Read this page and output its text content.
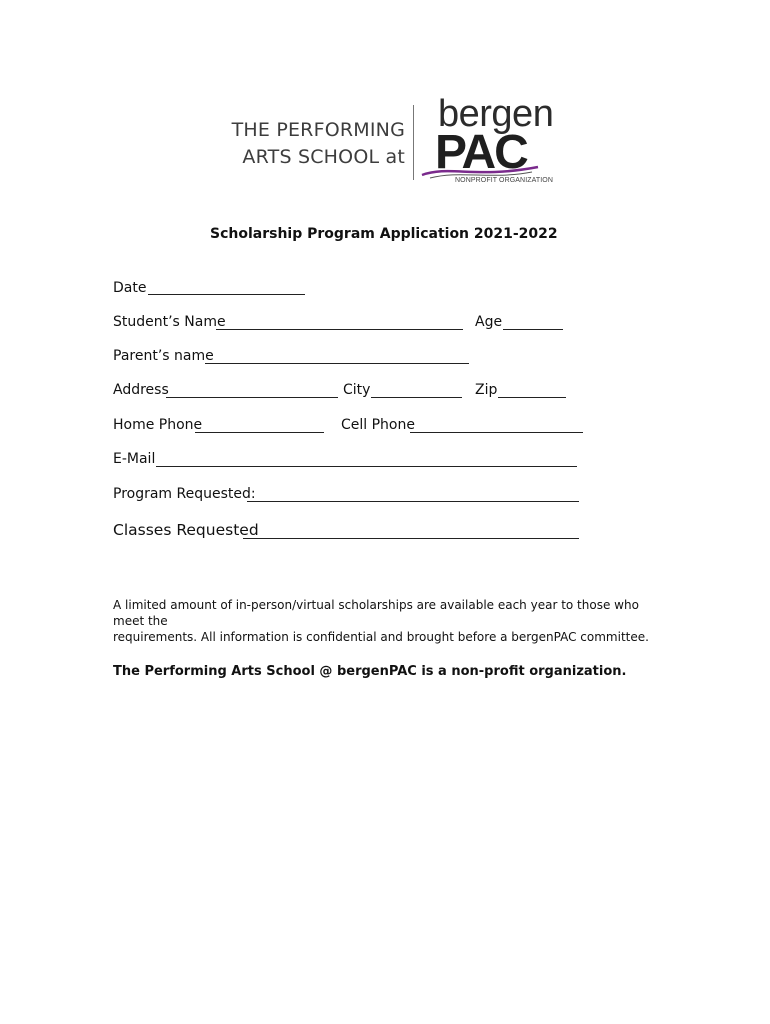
THE PERFORMING
ARTS SCHOOL at
bergen
PAC
NONPROFIT ORGANIZATION
Scholarship Program Application 2021-2022
Date
Student’s Name	Age
Parent’s name
Address	City	Zip
Home Phone	Cell Phone
E-Mail
Program Requested:
Classes Requested
A limited amount of in-person/virtual scholarships are available each year to those who meet the
requirements. All information is confidential and brought before a bergenPAC committee.
The Performing Arts School @ bergenPAC is a non-profit organization.
